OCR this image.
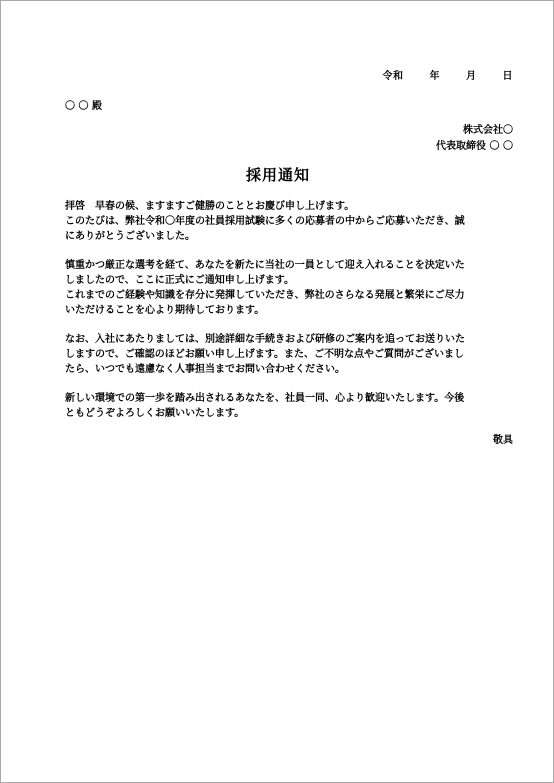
令和	年	月	日
〇 〇 殿
株式会社〇
代表取締役 〇 〇
採用通知

拝啓　早春の候、ますますご健勝のこととお慶び申し上げます。
このたびは、弊社令和〇年度の社員採用試験に多くの応募者の中からご応募いただき、誠
にありがとうございました。

慎重かつ厳正な選考を経て、あなたを新たに当社の一員として迎え入れることを決定いた
しましたので、ここに正式にご通知申し上げます。
これまでのご経験や知識を存分に発揮していただき、弊社のさらなる発展と繁栄にご尽力
いただけることを心より期待しております。

なお、入社にあたりましては、別途詳細な手続きおよび研修のご案内を追ってお送りいた
しますので、ご確認のほどお願い申し上げます。また、ご不明な点やご質問がございまし
たら、いつでも遠慮なく人事担当までお問い合わせください。

新しい環境での第一歩を踏み出されるあなたを、社員一同、心より歓迎いたします。今後
ともどうぞよろしくお願いいたします。

敬具
